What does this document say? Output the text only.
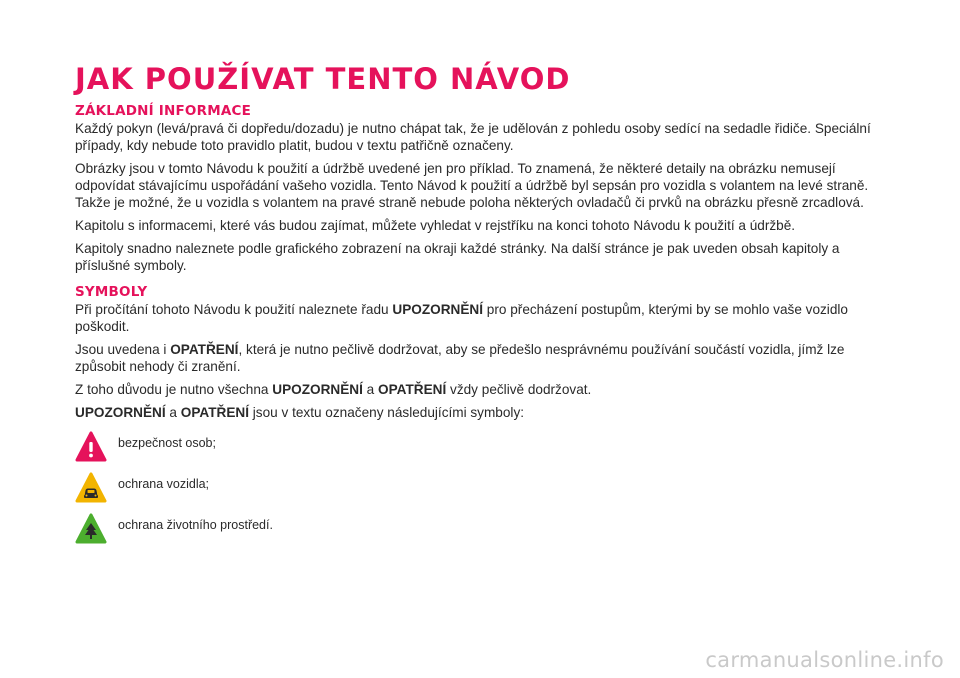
JAK POUŽÍVAT TENTO NÁVOD
ZÁKLADNÍ INFORMACE

Každý pokyn (levá/pravá či dopředu/dozadu) je nutno chápat tak, že je udělován z pohledu osoby sedící na sedadle řidiče. Speciální případy, kdy nebude toto pravidlo platit, budou v textu patřičně označeny.

Obrázky jsou v tomto Návodu k použití a údržbě uvedené jen pro příklad. To znamená, že některé detaily na obrázku nemusejí odpovídat stávajícímu uspořádání vašeho vozidla. Tento Návod k použití a údržbě byl sepsán pro vozidla s volantem na levé straně. Takže je možné, že u vozidla s volantem na pravé straně nebude poloha některých ovladačů či prvků na obrázku přesně zrcadlová.

Kapitolu s informacemi, které vás budou zajímat, můžete vyhledat v rejstříku na konci tohoto Návodu k použití a údržbě.

Kapitoly snadno naleznete podle grafického zobrazení na okraji každé stránky. Na další stránce je pak uveden obsah kapitoly a příslušné symboly.

SYMBOLY

Při pročítání tohoto Návodu k použití naleznete řadu UPOZORNĚNÍ pro přecházení postupům, kterými by se mohlo vaše vozidlo poškodit.

Jsou uvedena i OPATŘENÍ, která je nutno pečlivě dodržovat, aby se předešlo nesprávnému používání součástí vozidla, jímž lze způsobit nehody či zranění.

Z toho důvodu je nutno všechna UPOZORNĚNÍ a OPATŘENÍ vždy pečlivě dodržovat.

UPOZORNĚNÍ a OPATŘENÍ jsou v textu označeny následujícími symboly:

bezpečnost osob;
ochrana vozidla;
ochrana životního prostředí.
carmanualsonline.info
